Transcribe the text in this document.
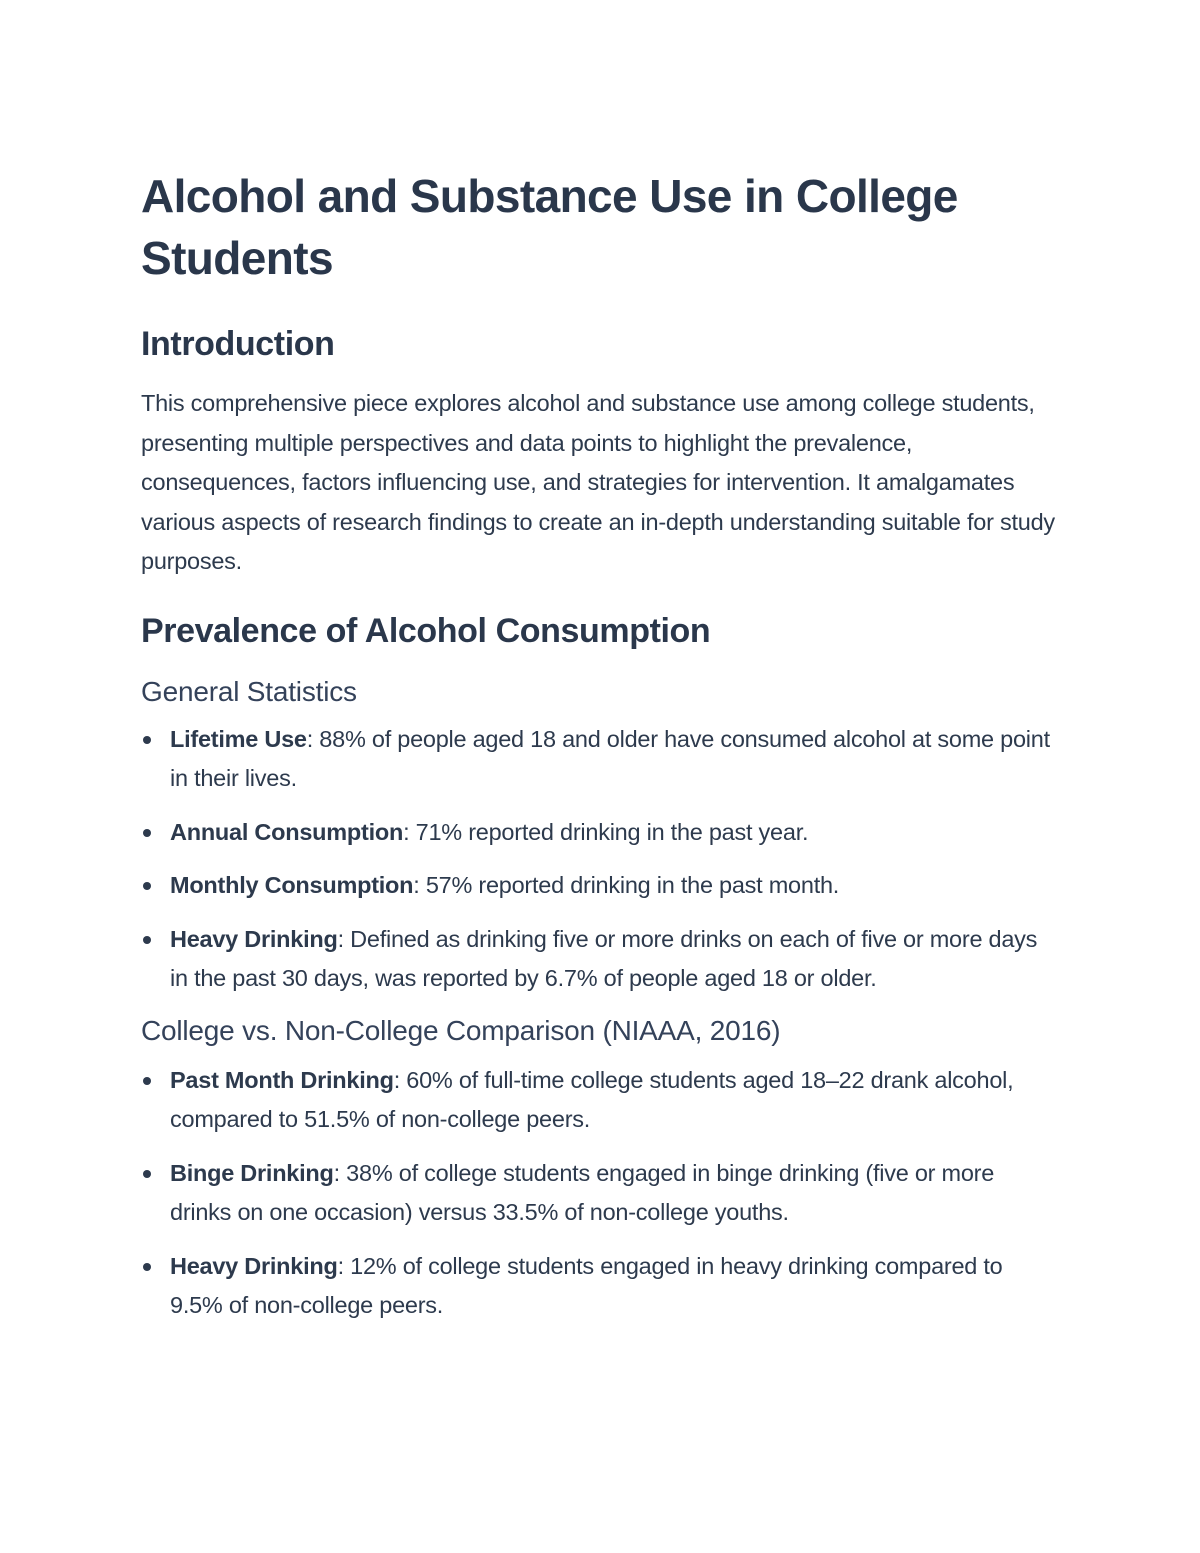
Alcohol and Substance Use in College Students
Introduction

This comprehensive piece explores alcohol and substance use among college students, presenting multiple perspectives and data points to highlight the prevalence, consequences, factors influencing use, and strategies for intervention. It amalgamates various aspects of research findings to create an in-depth understanding suitable for study purposes.

Prevalence of Alcohol Consumption
General Statistics
Lifetime Use: 88% of people aged 18 and older have consumed alcohol at some point in their lives.
Annual Consumption: 71% reported drinking in the past year.
Monthly Consumption: 57% reported drinking in the past month.
Heavy Drinking: Defined as drinking five or more drinks on each of five or more days in the past 30 days, was reported by 6.7% of people aged 18 or older.
College vs. Non-College Comparison (NIAAA, 2016)
Past Month Drinking: 60% of full-time college students aged 18–22 drank alcohol, compared to 51.5% of non-college peers.
Binge Drinking: 38% of college students engaged in binge drinking (five or more drinks on one occasion) versus 33.5% of non-college youths.
Heavy Drinking: 12% of college students engaged in heavy drinking compared to 9.5% of non-college peers.
